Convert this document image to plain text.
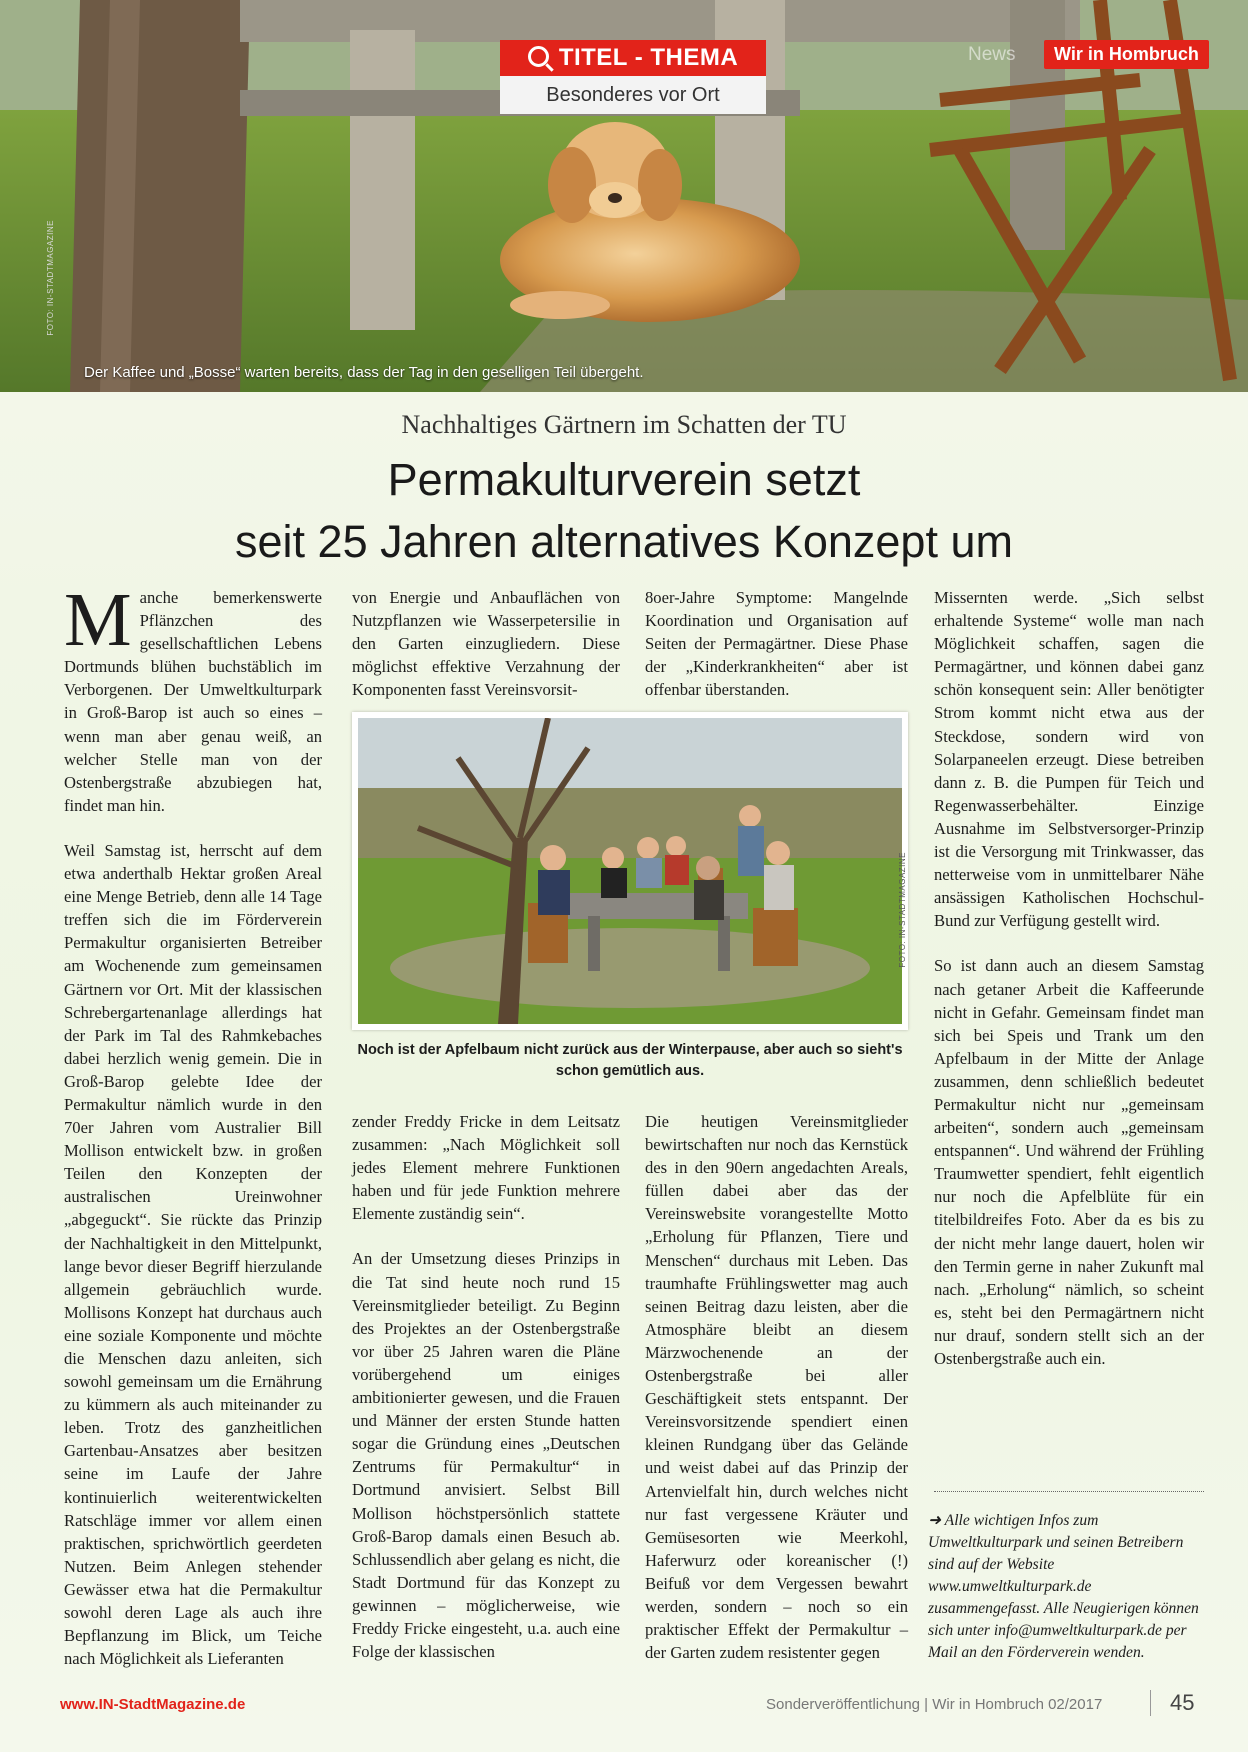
FOTO: IN-STADTMAGAZINE
Der Kaffee und „Bosse“ warten bereits, dass der Tag in den geselligen Teil übergeht.
TITEL - THEMA
Besonderes vor Ort
News	Wir in Hombruch
Nachhaltiges Gärtnern im Schatten der TU
Permakulturverein setzt
seit 25 Jahren alternatives Konzept um

M anche bemerkenswerte Pflänzchen des gesellschaftlichen Lebens Dortmunds blühen buchstäblich im Verborgenen. Der Umweltkulturpark in Groß-Barop ist auch so eines – wenn man aber genau weiß, an welcher Stelle man von der Ostenbergstraße abzubiegen hat, findet man hin.

Weil Samstag ist, herrscht auf dem etwa anderthalb Hektar großen Areal eine Menge Betrieb, denn alle 14 Tage treffen sich die im Förderverein Permakultur organisierten Betreiber am Wochenende zum gemeinsamen Gärtnern vor Ort. Mit der klassischen Schrebergartenanlage allerdings hat der Park im Tal des Rahmkebaches dabei herzlich wenig gemein. Die in Groß-Barop gelebte Idee der Permakultur nämlich wurde in den 70er Jahren vom Australier Bill Mollison entwickelt bzw. in großen Teilen den Konzepten der australischen Ureinwohner „abgeguckt“. Sie rückte das Prinzip der Nachhaltigkeit in den Mittelpunkt, lange bevor dieser Begriff hierzulande allgemein gebräuchlich wurde. Mollisons Konzept hat durchaus auch eine soziale Komponente und möchte die Menschen dazu anleiten, sich sowohl gemeinsam um die Ernährung zu kümmern als auch miteinander zu leben. Trotz des ganzheitlichen Gartenbau-Ansatzes aber besitzen seine im Laufe der Jahre kontinuierlich weiterentwickelten Ratschläge immer vor allem einen praktischen, sprichwörtlich geerdeten Nutzen. Beim Anlegen stehender Gewässer etwa hat die Permakultur sowohl deren Lage als auch ihre Bepflanzung im Blick, um Teiche nach Möglichkeit als Lieferanten

von Energie und Anbauflächen von Nutzpflanzen wie Wasserpetersilie in den Garten einzugliedern. Diese möglichst effektive Verzahnung der Komponenten fasst Vereinsvorsit-

8oer-Jahre Symptome: Mangelnde Koordination und Organisation auf Seiten der Permagärtner. Diese Phase der „Kinderkrankheiten“ aber ist offenbar überstanden.

FOTO: IN-STADTMAGAZINE
Noch ist der Apfelbaum nicht zurück aus der Winterpause, aber auch so sieht's schon gemütlich aus.

zender Freddy Fricke in dem Leitsatz zusammen: „Nach Möglichkeit soll jedes Element mehrere Funktionen haben und für jede Funktion mehrere Elemente zuständig sein“.

An der Umsetzung dieses Prinzips in die Tat sind heute noch rund 15 Vereinsmitglieder beteiligt. Zu Beginn des Projektes an der Ostenbergstraße vor über 25 Jahren waren die Pläne vorübergehend um einiges ambitionierter gewesen, und die Frauen und Männer der ersten Stunde hatten sogar die Gründung eines „Deutschen Zentrums für Permakultur“ in Dortmund anvisiert. Selbst Bill Mollison höchstpersönlich stattete Groß-Barop damals einen Besuch ab. Schlussendlich aber gelang es nicht, die Stadt Dortmund für das Konzept zu gewinnen – möglicherweise, wie Freddy Fricke eingesteht, u.a. auch eine Folge der klassischen

Die heutigen Vereinsmitglieder bewirtschaften nur noch das Kernstück des in den 90ern angedachten Areals, füllen dabei aber das der Vereinswebsite vorangestellte Motto „Erholung für Pflanzen, Tiere und Menschen“ durchaus mit Leben. Das traumhafte Frühlingswetter mag auch seinen Beitrag dazu leisten, aber die Atmosphäre bleibt an diesem Märzwochenende an der Ostenbergstraße bei aller Geschäftigkeit stets entspannt. Der Vereinsvorsitzende spendiert einen kleinen Rundgang über das Gelände und weist dabei auf das Prinzip der Artenvielfalt hin, durch welches nicht nur fast vergessene Kräuter und Gemüsesorten wie Meerkohl, Haferwurz oder koreanischer (!) Beifuß vor dem Vergessen bewahrt werden, sondern – noch so ein praktischer Effekt der Permakultur – der Garten zudem resistenter gegen

Missernten werde. „Sich selbst erhaltende Systeme“ wolle man nach Möglichkeit schaffen, sagen die Permagärtner, und können dabei ganz schön konsequent sein: Aller benötigter Strom kommt nicht etwa aus der Steckdose, sondern wird von Solarpaneelen erzeugt. Diese betreiben dann z. B. die Pumpen für Teich und Regenwasserbehälter. Einzige Ausnahme im Selbstversorger-Prinzip ist die Versorgung mit Trinkwasser, das netterweise vom in unmittelbarer Nähe ansässigen Katholischen Hochschul-Bund zur Verfügung gestellt wird.

So ist dann auch an diesem Samstag nach getaner Arbeit die Kaffeerunde nicht in Gefahr. Gemeinsam findet man sich bei Speis und Trank um den Apfelbaum in der Mitte der Anlage zusammen, denn schließlich bedeutet Permakultur nicht nur „gemeinsam arbeiten“, sondern auch „gemeinsam entspannen“. Und während der Frühling Traumwetter spendiert, fehlt eigentlich nur noch die Apfelblüte für ein titelbildreifes Foto. Aber da es bis zu der nicht mehr lange dauert, holen wir den Termin gerne in naher Zukunft mal nach. „Erholung“ nämlich, so scheint es, steht bei den Permagärtnern nicht nur drauf, sondern stellt sich an der Ostenbergstraße auch ein.

➜ Alle wichtigen Infos zum Umweltkulturpark und seinen Betreibern sind auf der Website www.umweltkulturpark.de zusammengefasst. Alle Neugierigen können sich unter info@umweltkulturpark.de per Mail an den Förderverein wenden.
www.IN-StadtMagazine.de	Sonderveröffentlichung | Wir in Hombruch 02/2017	45
